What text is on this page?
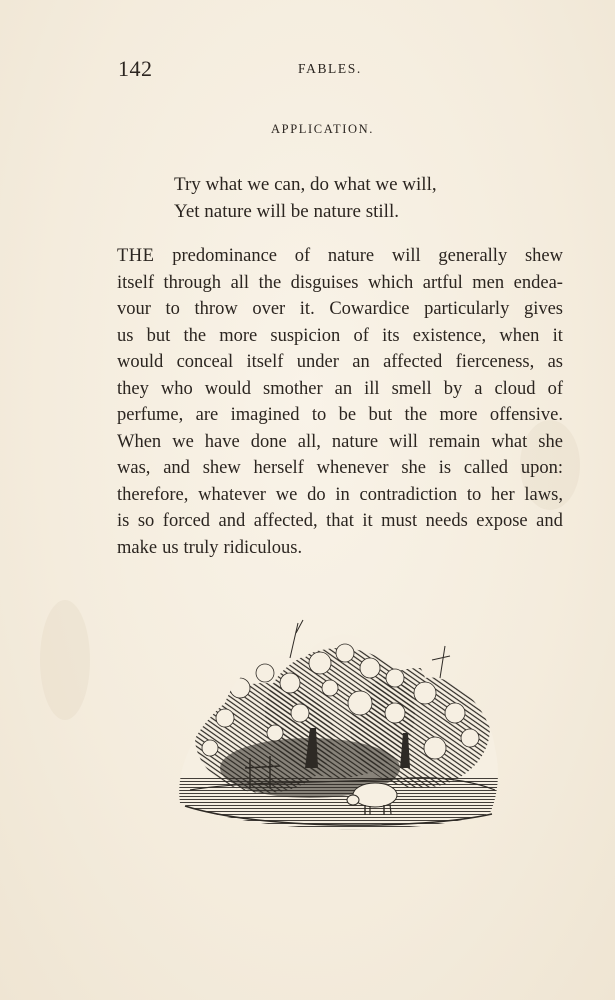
142	FABLES.
APPLICATION.
Try what we can, do what we will,
Yet nature will be nature still.
THE predominance of nature will generally shew
itself through all the disguises which artful men endea-
vour to throw over it. Cowardice particularly gives
us but the more suspicion of its existence, when it
would conceal itself under an affected fierceness, as
they who would smother an ill smell by a cloud of
perfume, are imagined to be but the more offensive.
When we have done all, nature will remain what she
was, and shew herself whenever she is called upon:
therefore, whatever we do in contradiction to her laws,
is so forced and affected, that it must needs expose and
make us truly ridiculous.
